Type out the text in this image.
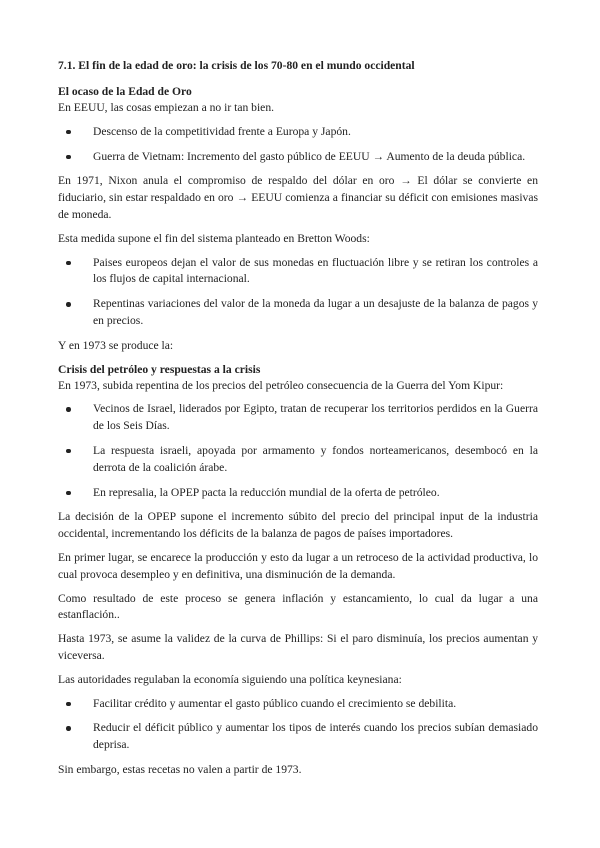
7.1. El fin de la edad de oro: la crisis de los 70-80 en el mundo occidental
El ocaso de la Edad de Oro

En EEUU, las cosas empiezan a no ir tan bien.

Descenso de la competitividad frente a Europa y Japón.
Guerra de Vietnam: Incremento del gasto público de EEUU → Aumento de la deuda pública.

En 1971, Nixon anula el compromiso de respaldo del dólar en oro → El dólar se convierte en fiduciario, sin estar respaldado en oro → EEUU comienza a financiar su déficit con emisiones masivas de moneda.

Esta medida supone el fin del sistema planteado en Bretton Woods:

Paises europeos dejan el valor de sus monedas en fluctuación libre y se retiran los controles a los flujos de capital internacional.
Repentinas variaciones del valor de la moneda da lugar a un desajuste de la balanza de pagos y en precios.

Y en 1973 se produce la:

Crisis del petróleo y respuestas a la crisis

En 1973, subida repentina de los precios del petróleo consecuencia de la Guerra del Yom Kipur:

Vecinos de Israel, liderados por Egipto, tratan de recuperar los territorios perdidos en la Guerra de los Seis Días.
La respuesta israeli, apoyada por armamento y fondos norteamericanos, desembocó en la derrota de la coalición árabe.
En represalia, la OPEP pacta la reducción mundial de la oferta de petróleo.

La decisión de la OPEP supone el incremento súbito del precio del principal input de la industria occidental, incrementando los déficits de la balanza de pagos de países importadores.

En primer lugar, se encarece la producción y esto da lugar a un retroceso de la actividad productiva, lo cual provoca desempleo y en definitiva, una disminución de la demanda.

Como resultado de este proceso se genera inflación y estancamiento, lo cual da lugar a una estanflación..

Hasta 1973, se asume la validez de la curva de Phillips: Si el paro disminuía, los precios aumentan y viceversa.

Las autoridades regulaban la economía siguiendo una política keynesiana:

Facilitar crédito y aumentar el gasto público cuando el crecimiento se debilita.
Reducir el déficit público y aumentar los tipos de interés cuando los precios subían demasiado deprisa.

Sin embargo, estas recetas no valen a partir de 1973.
